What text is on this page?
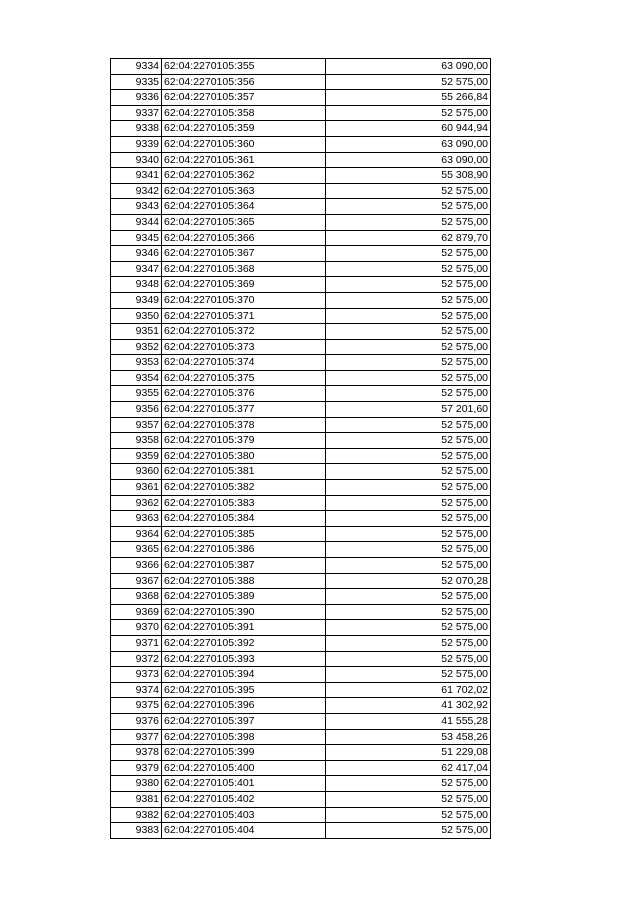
9334	62:04:2270105:355	63 090,00
9335	62:04:2270105:356	52 575,00
9336	62:04:2270105:357	55 266,84
9337	62:04:2270105:358	52 575,00
9338	62:04:2270105:359	60 944,94
9339	62:04:2270105:360	63 090,00
9340	62:04:2270105:361	63 090,00
9341	62:04:2270105:362	55 308,90
9342	62:04:2270105:363	52 575,00
9343	62:04:2270105:364	52 575,00
9344	62:04:2270105:365	52 575,00
9345	62:04:2270105:366	62 879,70
9346	62:04:2270105:367	52 575,00
9347	62:04:2270105:368	52 575,00
9348	62:04:2270105:369	52 575,00
9349	62:04:2270105:370	52 575,00
9350	62:04:2270105:371	52 575,00
9351	62:04:2270105:372	52 575,00
9352	62:04:2270105:373	52 575,00
9353	62:04:2270105:374	52 575,00
9354	62:04:2270105:375	52 575,00
9355	62:04:2270105:376	52 575,00
9356	62:04:2270105:377	57 201,60
9357	62:04:2270105:378	52 575,00
9358	62:04:2270105:379	52 575,00
9359	62:04:2270105:380	52 575,00
9360	62:04:2270105:381	52 575,00
9361	62:04:2270105:382	52 575,00
9362	62:04:2270105:383	52 575,00
9363	62:04:2270105:384	52 575,00
9364	62:04:2270105:385	52 575,00
9365	62:04:2270105:386	52 575,00
9366	62:04:2270105:387	52 575,00
9367	62:04:2270105:388	52 070,28
9368	62:04:2270105:389	52 575,00
9369	62:04:2270105:390	52 575,00
9370	62:04:2270105:391	52 575,00
9371	62:04:2270105:392	52 575,00
9372	62:04:2270105:393	52 575,00
9373	62:04:2270105:394	52 575,00
9374	62:04:2270105:395	61 702,02
9375	62:04:2270105:396	41 302,92
9376	62:04:2270105:397	41 555,28
9377	62:04:2270105:398	53 458,26
9378	62:04:2270105:399	51 229,08
9379	62:04:2270105:400	62 417,04
9380	62:04:2270105:401	52 575,00
9381	62:04:2270105:402	52 575,00
9382	62:04:2270105:403	52 575,00
9383	62:04:2270105:404	52 575,00
